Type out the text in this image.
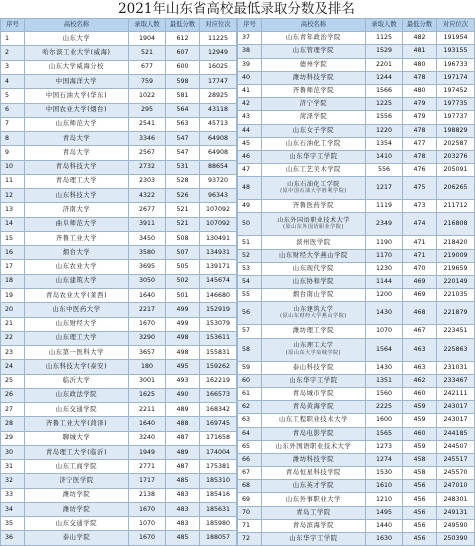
2021年山东省高校最低录取分数及排名
序号	高校名称	录取人数	最低分数	对应位次
1	山东大学	1904	612	11225
2	哈尔滨工业大学(威海)	521	607	12949
3	山东大学威海分校	677	600	16025
4	中国海洋大学	759	598	17747
5	中国石油大学(华东)	1022	581	28925
6	中国农业大学(烟台)	295	564	43118
7	山东师范大学	2541	563	45713
8	青岛大学	3346	547	64908
9	青岛大学	2567	547	64908
10	青岛科技大学	2732	531	88654
11	青岛理工大学	2303	528	93720
12	山东科技大学	4322	526	96343
13	济南大学	2677	521	107092
14	曲阜师范大学	3911	521	107092
15	齐鲁工业大学	3450	508	130491
16	烟台大学	3580	507	134931
17	山东农业大学	3695	505	139171
18	山东建筑大学	3050	502	145674
19	青岛农业大学(莱西)	1640	501	146680
20	山东中医药大学	2217	499	152919
21	山东财经大学	1670	499	153079
22	山东理工大学	3290	498	153611
23	山东第一医科大学	3657	498	155831
24	山东科技大学(泰安)	180	495	159262
25	临沂大学	3001	493	162219
26	山东政法学院	1625	490	166573
27	山东交通学院	2211	489	168342
28	齐鲁工业大学(菏泽)	1640	488	169745
29	聊城大学	3240	487	171658
30	青岛理工大学(临沂)	1949	489	174004
31	山东工商学院	2771	487	175381
32	济宁医学院	1717	485	185310
33	潍坊学院	2138	483	185416
34	潍坊学院	1670	483	185631
35	山东交通学院	1070	483	185980
36	泰山学院	1670	485	188057
序号	高校名称	录取人数	最低分数	对应位次
37	山东青年政治学院	1125	482	191954
38	山东管理学院	1529	481	193155
39	德州学院	2201	480	196733
40	潍坊科技学院	1244	478	197174
41	齐鲁师范学院	1566	480	197452
42	济宁学院	1225	479	197735
43	菏泽学院	1556	479	197737
44	山东女子学院	1220	478	198829
45	山东石油化工学院	1354	477	202587
46	山东华宇工学院	1410	478	203276
47	山东工艺美术学院	556	476	205091
48	山东石油化工学院
(原中国石油大学胜利学院)	1217	475	206265
49	齐鲁医药学院	1119	473	211712
50	山东外国语职业技术大学
(原山东外国语职业学院)	2349	474	216808
51	滨州医学院	1190	471	218420
52	山东财经大学燕山学院	1170	471	219009
53	山东现代学院	1230	470	219659
54	山东协和学院	1144	469	220149
55	烟台南山学院	1200	469	221035
56	山东建筑大学
(原山东财经大学燕山学院)	1430	468	221879
57	潍坊理工学院	1070	467	223451
58	山东理工大学
(原山东大学泉城学院)	1564	463	225863
59	泰山科技学院	1430	463	231031
60	山东华宇工学院	1351	462	233467
61	青岛城市学院	1560	460	242111
62	青岛黄海学院	2225	459	243017
63	山东工程职业技术大学	1600	459	243017
64	青岛电影学院	1565	460	244185
65	山东外国语职业技术大学	1273	459	244507
66	潍坊科技学院	1274	458	245517
67	青岛恒星科技学院	1530	458	245570
68	山东英才学院	1610	456	247010
69	山东外事职业大学	1210	456	248301
70	青岛工学院	1495	456	249131
71	青岛滨海学院	1440	456	249590
72	山东华宇工学院	1630	456	250390
